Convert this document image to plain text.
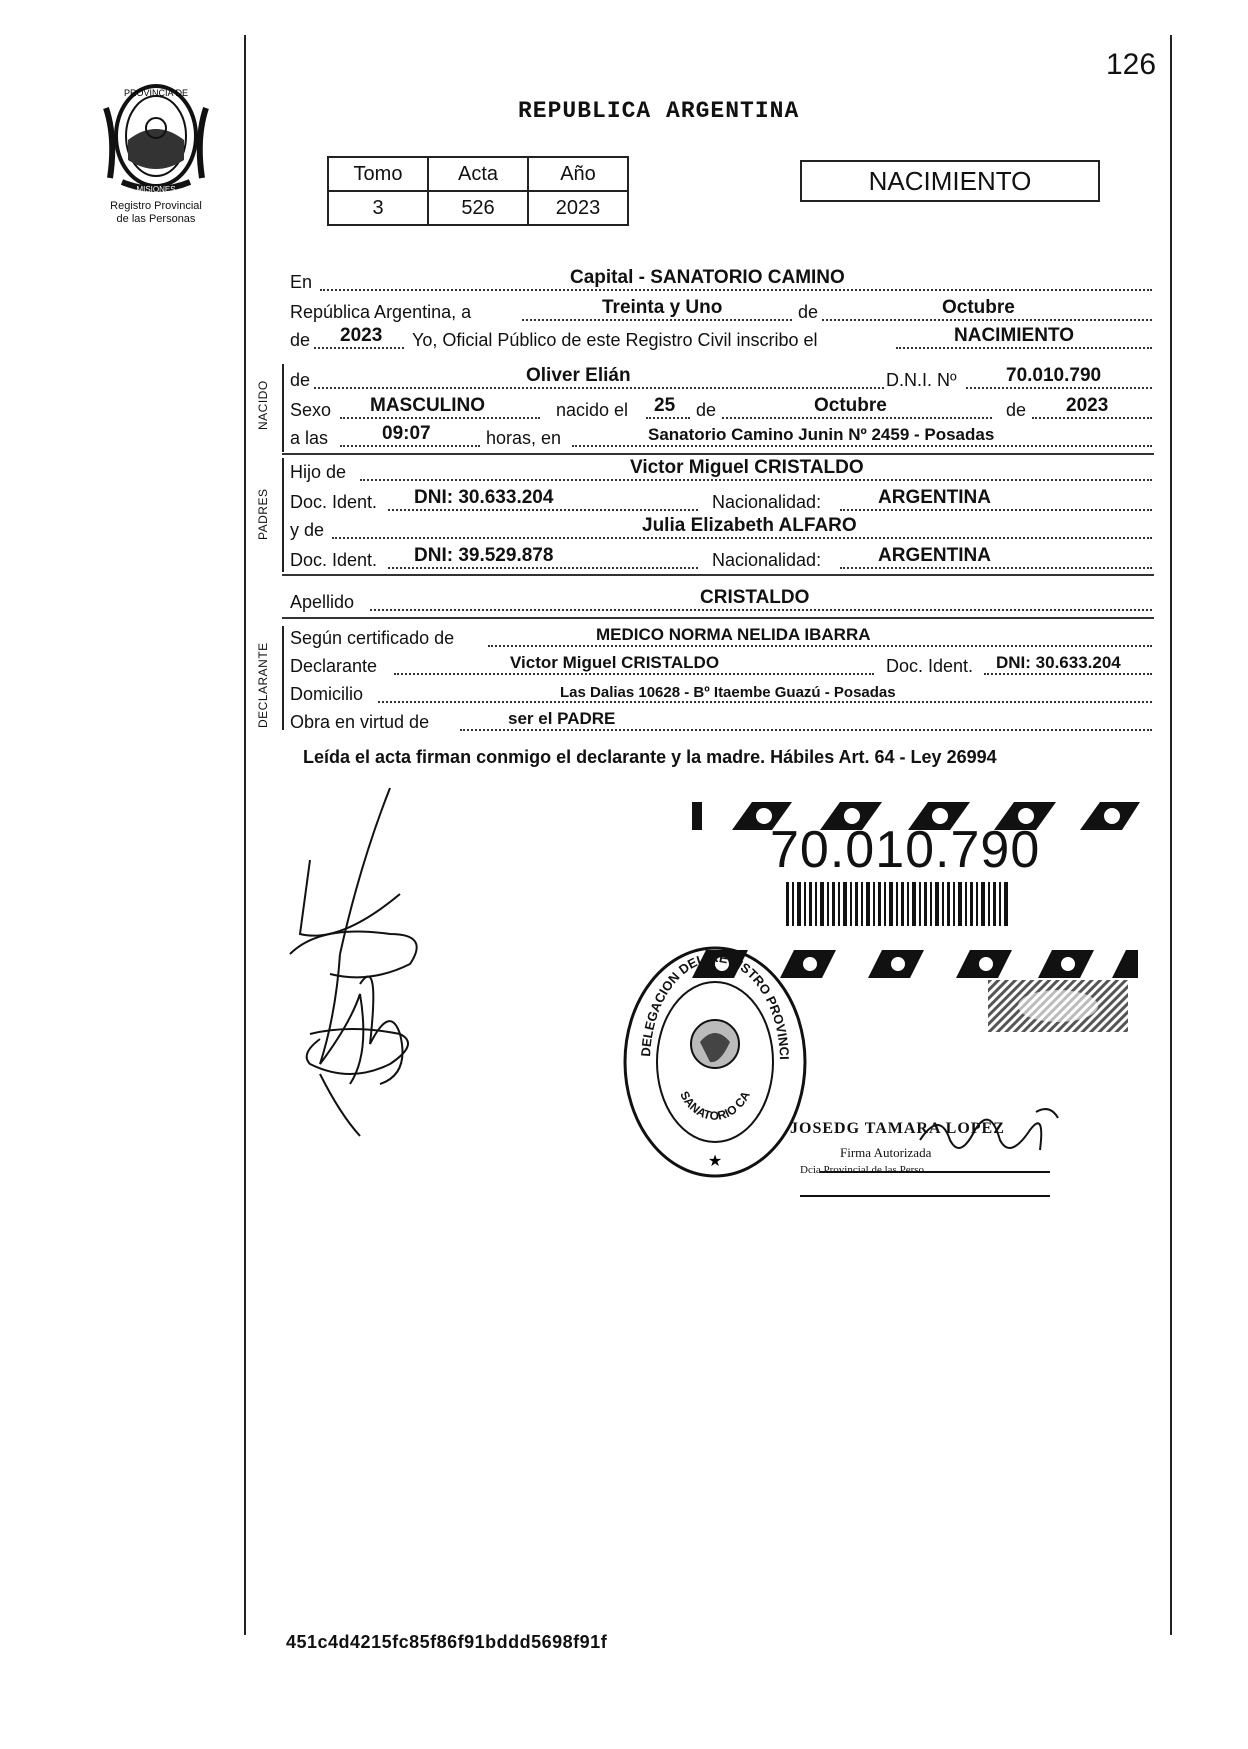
126
PROVINCIA DE
MISIONES
Registro Provincial
de las Personas
REPUBLICA ARGENTINA
Tomo	Acta	Año
3	526	2023
NACIMIENTO
En	Capital - SANATORIO CAMINO
República Argentina, a	Treinta y Uno	de	Octubre
de 2023 Yo, Oficial Público de este Registro Civil inscribo el	NACIMIENTO
NACIDO
de	Oliver Elián	D.N.I. Nº	70.010.790
Sexo MASCULINO	nacido el 25 de	Octubre	de 2023
a las	09:07	horas, en	Sanatorio Camino Junin Nº 2459 - Posadas
PADRES
Hijo de	Victor Miguel CRISTALDO
Doc. Ident. DNI: 30.633.204	Nacionalidad:	ARGENTINA
y de	Julia Elizabeth ALFARO
Doc. Ident. DNI: 39.529.878	Nacionalidad:	ARGENTINA
Apellido	CRISTALDO
DECLARANTE
Según certificado de	MEDICO NORMA NELIDA IBARRA
Declarante	Victor Miguel CRISTALDO	Doc. Ident. DNI: 30.633.204
Domicilio	Las Dalias 10628 - Bº Itaembe Guazú - Posadas
Obra en virtud de	ser el PADRE
Leída el acta firman conmigo el declarante y la madre. Hábiles Art. 64 - Ley 26994
70.010.790
DELEGACION DEL REGISTRO PROVINCI
SANATORIO CA
★
JOSEDG TAMARA LOPEZ
Firma Autorizada
Dcia Provincial de las Perso
451c4d4215fc85f86f91bddd5698f91f
